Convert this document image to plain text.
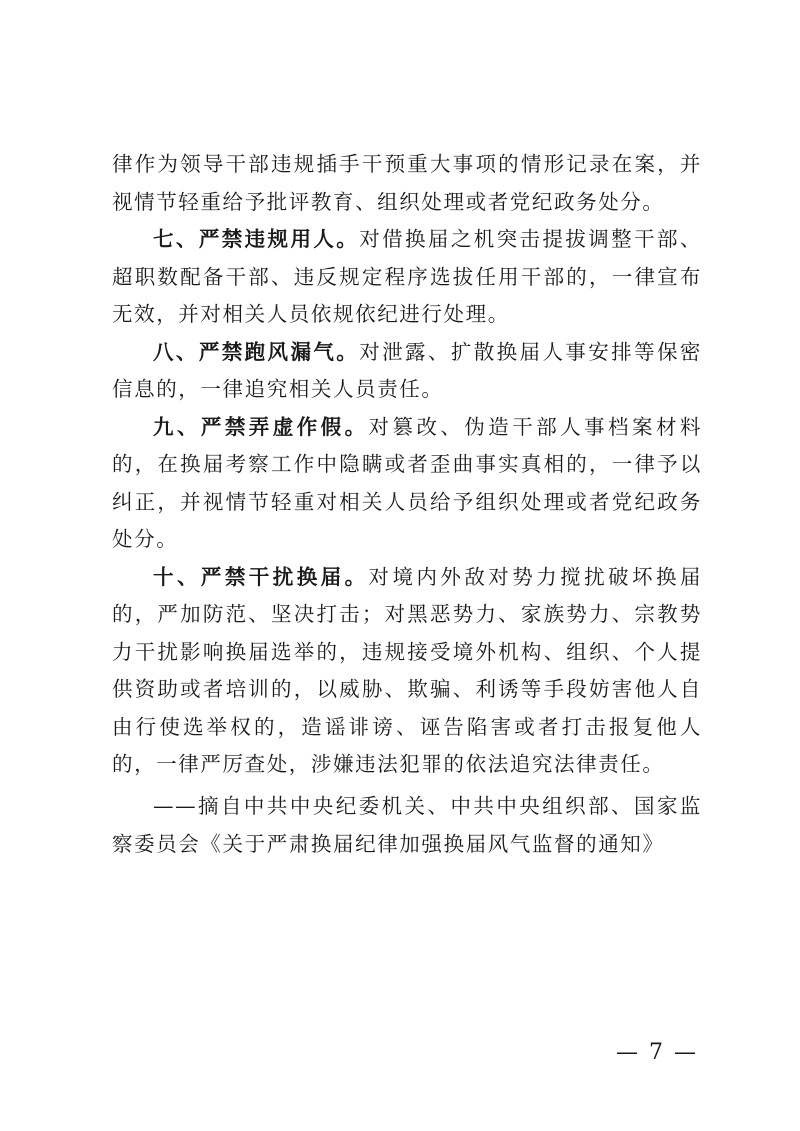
律作为领导干部违规插手干预重大事项的情形记录在案，并视情节轻重给予批评教育、组织处理或者党纪政务处分。

七、严禁违规用人。对借换届之机突击提拔调整干部、超职数配备干部、违反规定程序选拔任用干部的，一律宣布无效，并对相关人员依规依纪进行处理。

八、严禁跑风漏气。对泄露、扩散换届人事安排等保密信息的，一律追究相关人员责任。

九、严禁弄虚作假。对篡改、伪造干部人事档案材料的，在换届考察工作中隐瞒或者歪曲事实真相的，一律予以纠正，并视情节轻重对相关人员给予组织处理或者党纪政务处分。

十、严禁干扰换届。对境内外敌对势力搅扰破坏换届的，严加防范、坚决打击；对黑恶势力、家族势力、宗教势力干扰影响换届选举的，违规接受境外机构、组织、个人提供资助或者培训的，以威胁、欺骗、利诱等手段妨害他人自由行使选举权的，造谣诽谤、诬告陷害或者打击报复他人的，一律严厉查处，涉嫌违法犯罪的依法追究法律责任。

——摘自中共中央纪委机关、中共中央组织部、国家监察委员会《关于严肃换届纪律加强换届风气监督的通知》

— 7 —
